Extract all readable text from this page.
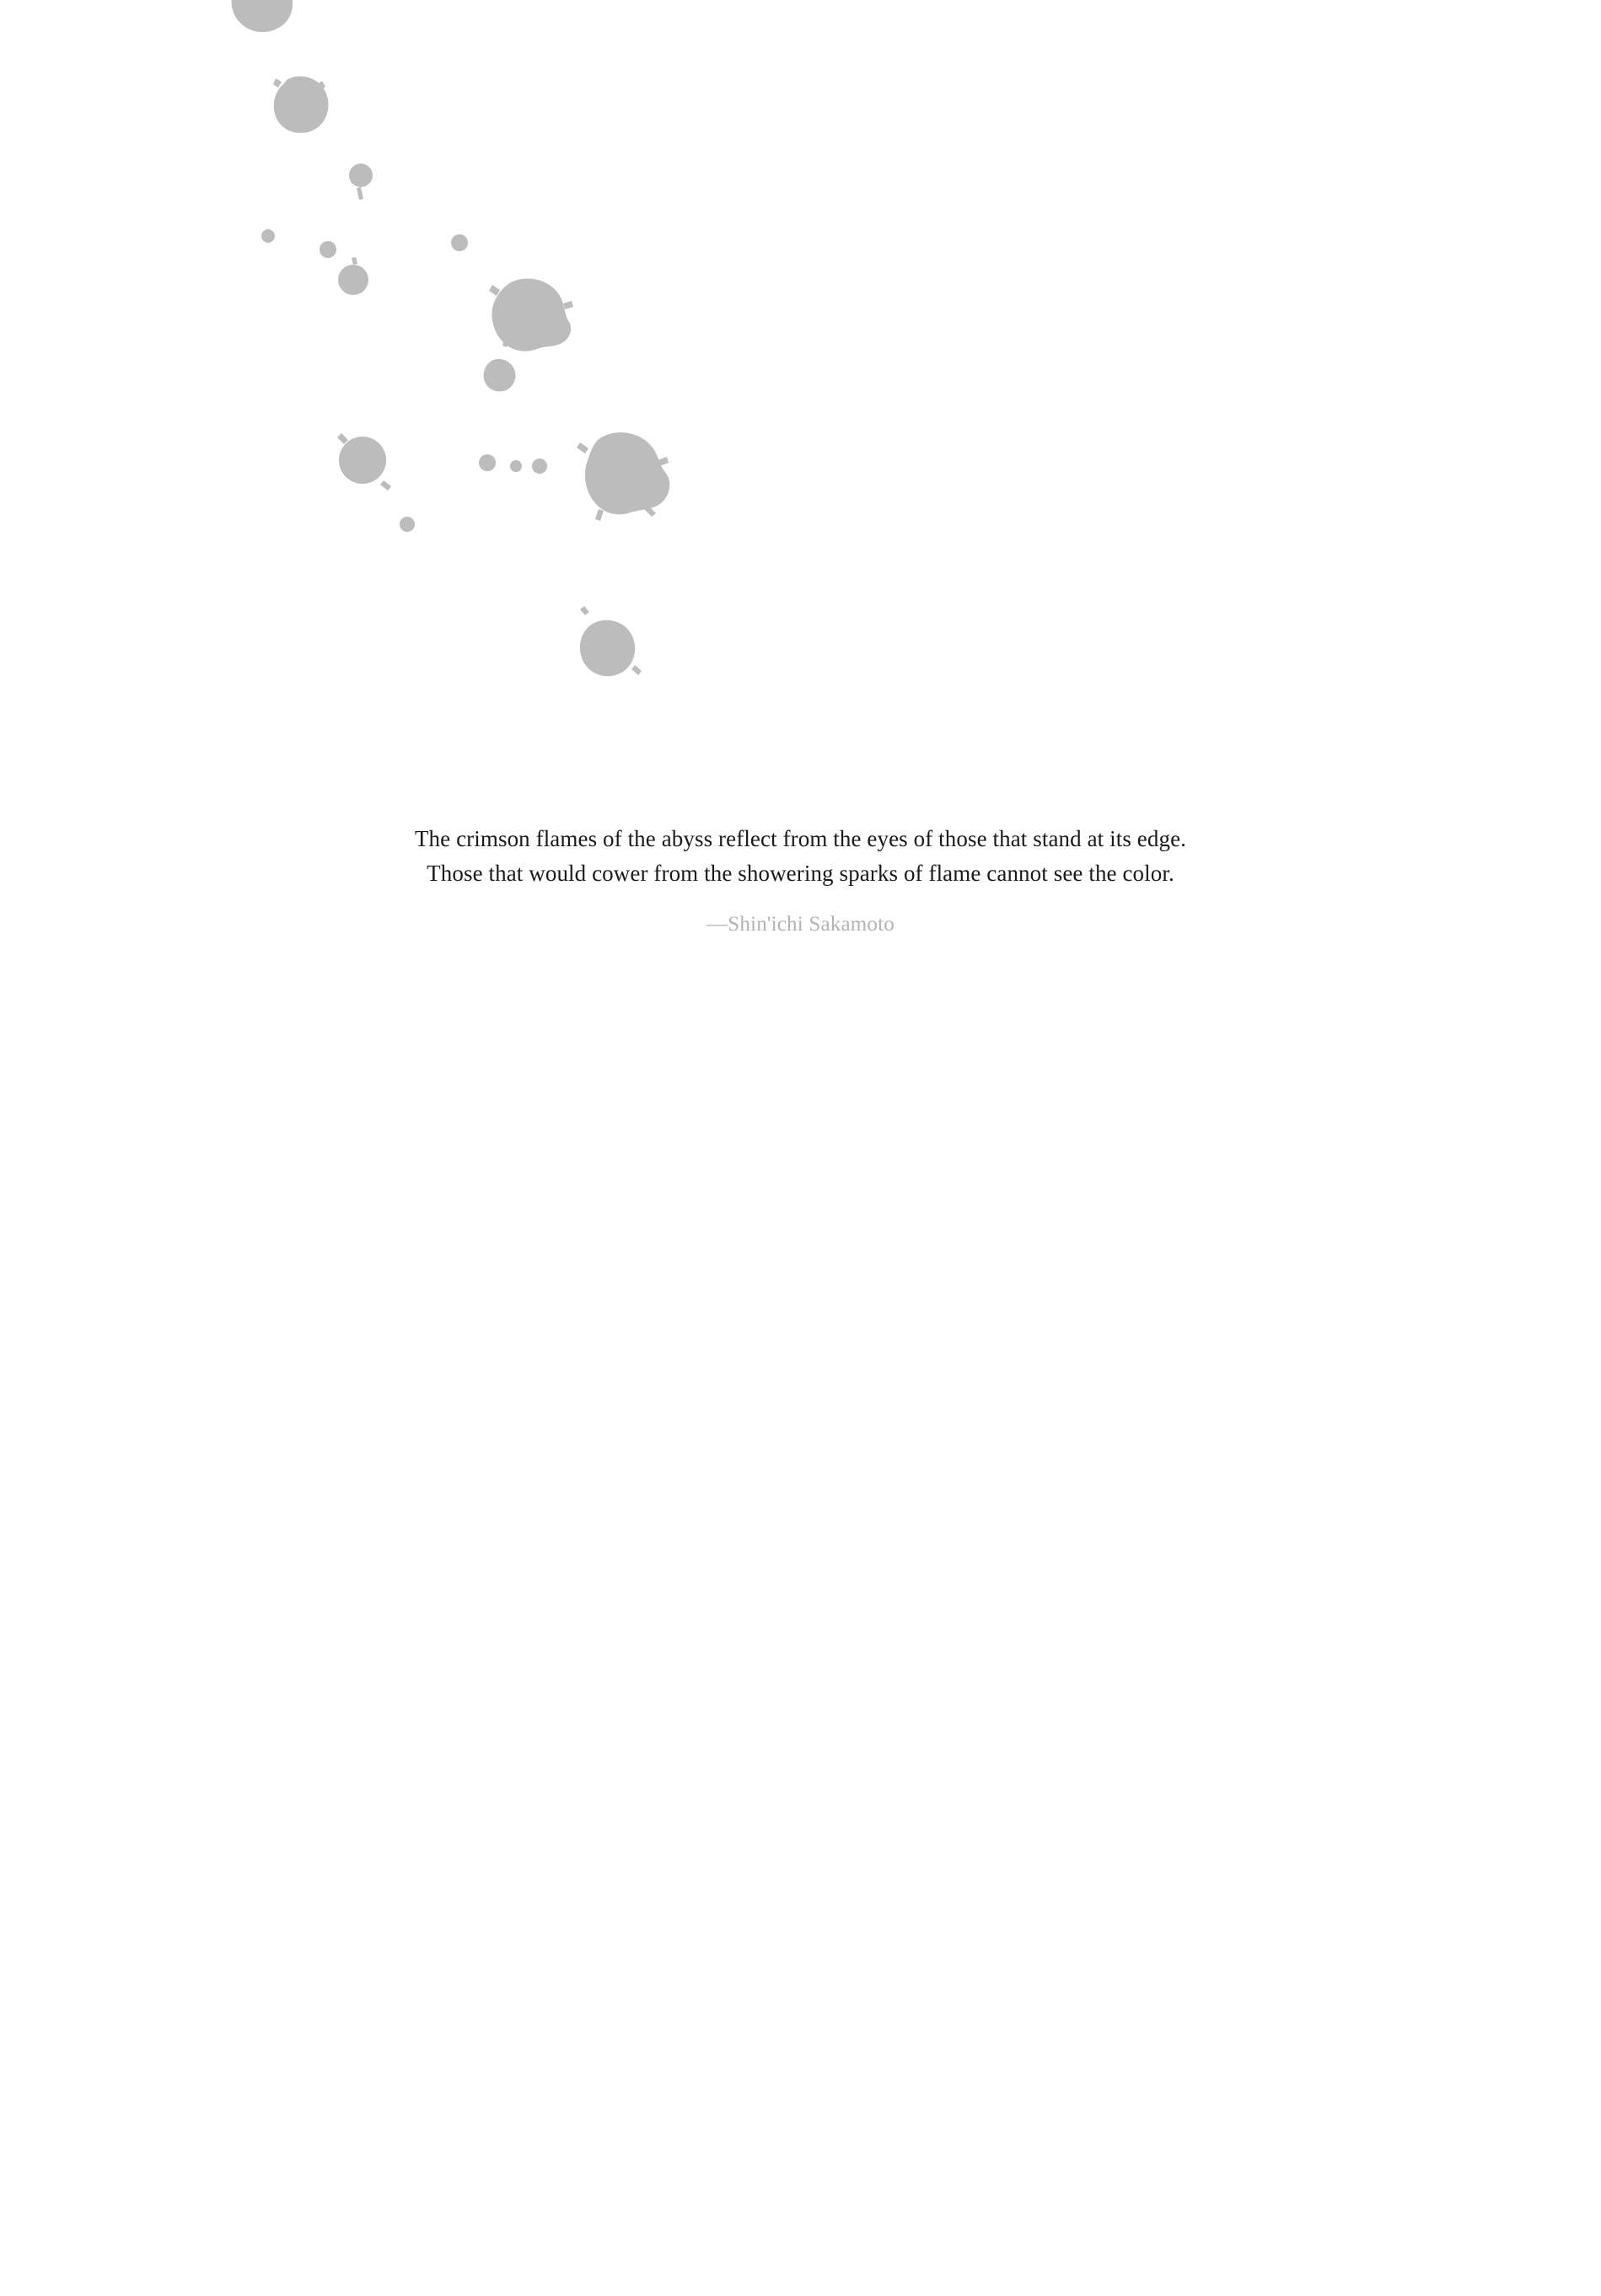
The crimson flames of the abyss reflect from the eyes of those that stand at its edge.
Those that would cower from the showering sparks of flame cannot see the color.
—Shin'ichi Sakamoto
